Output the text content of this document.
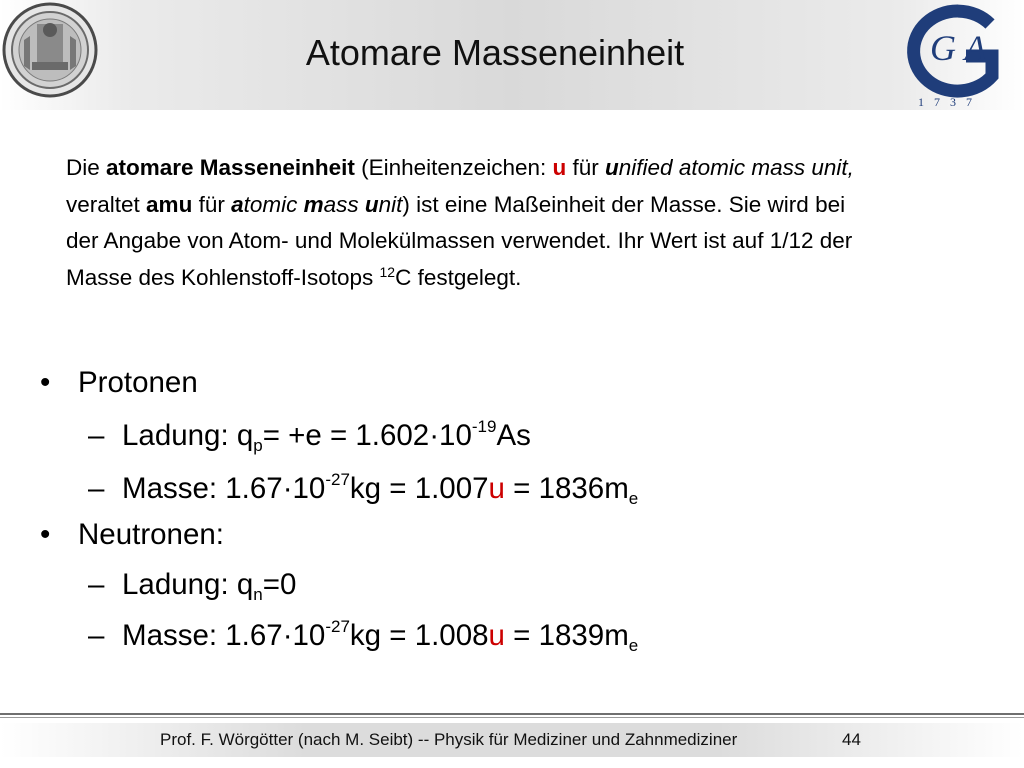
G A
1737
Atomare Masseneinheit
Die atomare Masseneinheit (Einheitenzeichen: u für unified atomic mass unit, veraltet amu für atomic mass unit) ist eine Maßeinheit der Masse. Sie wird bei der Angabe von Atom- und Molekülmassen verwendet. Ihr Wert ist auf 1/12 der Masse des Kohlenstoff-Isotops $^{12}$C festgelegt.
• Protonen
– Ladung: $q_p= +e = 1.602\cdot 10^{-19}As$
– Masse: $1.67\cdot 10^{-27}kg = 1.007u = 1836m_e$
• Neutronen:
– Ladung: $q_n=0$
– Masse: $1.67\cdot 10^{-27}kg = 1.008u = 1839m_e$
Prof. F. Wörgötter (nach M. Seibt) -- Physik für Mediziner und Zahnmediziner	44
